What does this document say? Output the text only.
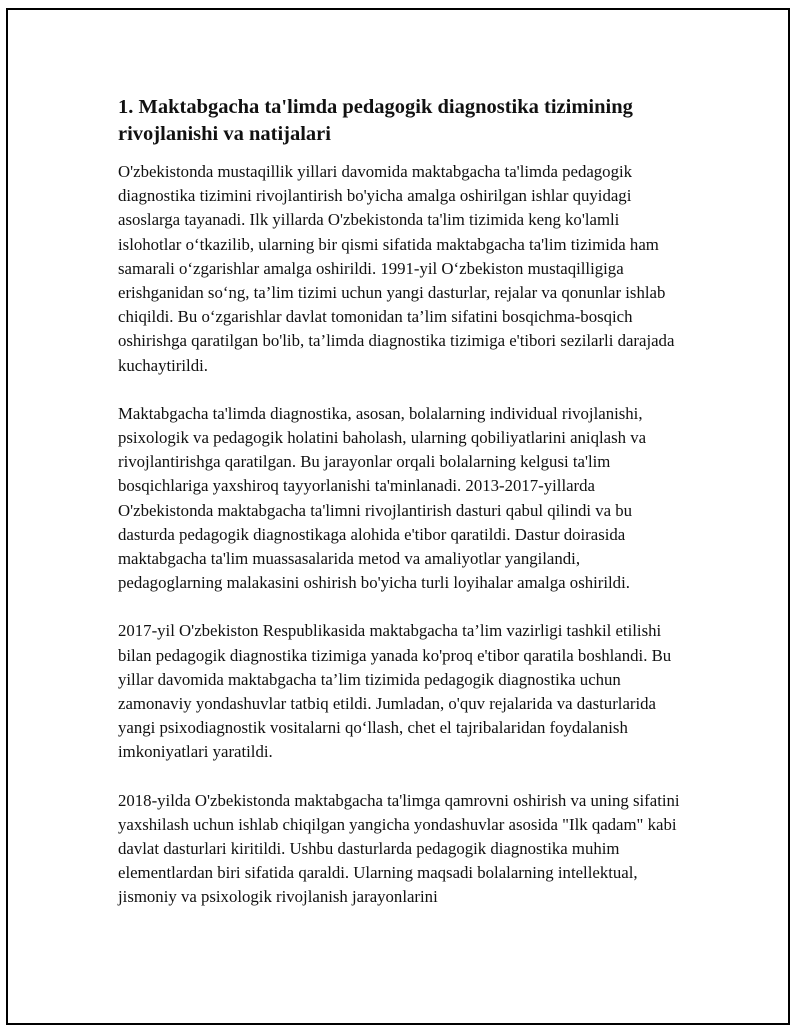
1. Maktabgacha ta'limda pedagogik diagnostika tizimining rivojlanishi va natijalari

O'zbekistonda mustaqillik yillari davomida maktabgacha ta'limda pedagogik diagnostika tizimini rivojlantirish bo'yicha amalga oshirilgan ishlar quyidagi asoslarga tayanadi. Ilk yillarda O'zbekistonda ta'lim tizimida keng ko'lamli islohotlar o‘tkazilib, ularning bir qismi sifatida maktabgacha ta'lim tizimida ham samarali o‘zgarishlar amalga oshirildi. 1991-yil O‘zbekiston mustaqilligiga erishganidan so‘ng, ta’lim tizimi uchun yangi dasturlar, rejalar va qonunlar ishlab chiqildi. Bu o‘zgarishlar davlat tomonidan ta’lim sifatini bosqichma-bosqich oshirishga qaratilgan bo'lib, ta’limda diagnostika tizimiga e'tibori sezilarli darajada kuchaytirildi.

Maktabgacha ta'limda diagnostika, asosan, bolalarning individual rivojlanishi, psixologik va pedagogik holatini baholash, ularning qobiliyatlarini aniqlash va rivojlantirishga qaratilgan. Bu jarayonlar orqali bolalarning kelgusi ta'lim bosqichlariga yaxshiroq tayyorlanishi ta'minlanadi. 2013-2017-yillarda O'zbekistonda maktabgacha ta'limni rivojlantirish dasturi qabul qilindi va bu dasturda pedagogik diagnostikaga alohida e'tibor qaratildi. Dastur doirasida maktabgacha ta'lim muassasalarida metod va amaliyotlar yangilandi, pedagoglarning malakasini oshirish bo'yicha turli loyihalar amalga oshirildi.

2017-yil O'zbekiston Respublikasida maktabgacha ta’lim vazirligi tashkil etilishi bilan pedagogik diagnostika tizimiga yanada ko'proq e'tibor qaratila boshlandi. Bu yillar davomida maktabgacha ta’lim tizimida pedagogik diagnostika uchun zamonaviy yondashuvlar tatbiq etildi. Jumladan, o'quv rejalarida va dasturlarida yangi psixodiagnostik vositalarni qo‘llash, chet el tajribalaridan foydalanish imkoniyatlari yaratildi.

2018-yilda O'zbekistonda maktabgacha ta'limga qamrovni oshirish va uning sifatini yaxshilash uchun ishlab chiqilgan yangicha yondashuvlar asosida "Ilk qadam" kabi davlat dasturlari kiritildi. Ushbu dasturlarda pedagogik diagnostika muhim elementlardan biri sifatida qaraldi. Ularning maqsadi bolalarning intellektual, jismoniy va psixologik rivojlanish jarayonlarini
